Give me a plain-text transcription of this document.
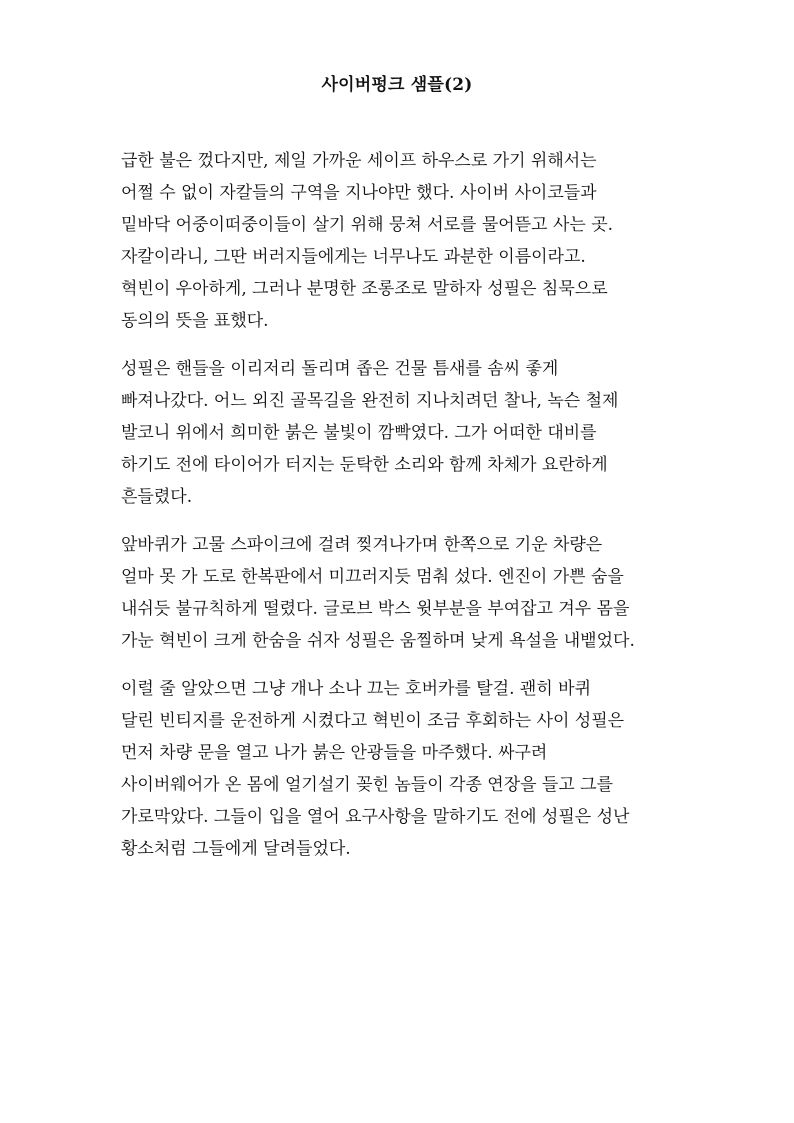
사이버펑크 샘플(2)

급한 불은 껐다지만, 제일 가까운 세이프 하우스로 가기 위해서는
어쩔 수 없이 자칼들의 구역을 지나야만 했다. 사이버 사이코들과
밑바닥 어중이떠중이들이 살기 위해 뭉쳐 서로를 물어뜯고 사는 곳.
자칼이라니, 그딴 버러지들에게는 너무나도 과분한 이름이라고.
혁빈이 우아하게, 그러나 분명한 조롱조로 말하자 성필은 침묵으로
동의의 뜻을 표했다.

성필은 핸들을 이리저리 돌리며 좁은 건물 틈새를 솜씨 좋게
빠져나갔다. 어느 외진 골목길을 완전히 지나치려던 찰나, 녹슨 철제
발코니 위에서 희미한 붉은 불빛이 깜빡였다. 그가 어떠한 대비를
하기도 전에 타이어가 터지는 둔탁한 소리와 함께 차체가 요란하게
흔들렸다.

앞바퀴가 고물 스파이크에 걸려 찢겨나가며 한쪽으로 기운 차량은
얼마 못 가 도로 한복판에서 미끄러지듯 멈춰 섰다. 엔진이 가쁜 숨을
내쉬듯 불규칙하게 떨렸다. 글로브 박스 윗부분을 부여잡고 겨우 몸을
가눈 혁빈이 크게 한숨을 쉬자 성필은 움찔하며 낮게 욕설을 내뱉었다.

이럴 줄 알았으면 그냥 개나 소나 끄는 호버카를 탈걸. 괜히 바퀴
달린 빈티지를 운전하게 시켰다고 혁빈이 조금 후회하는 사이 성필은
먼저 차량 문을 열고 나가 붉은 안광들을 마주했다. 싸구려
사이버웨어가 온 몸에 얼기설기 꽂힌 놈들이 각종 연장을 들고 그를
가로막았다. 그들이 입을 열어 요구사항을 말하기도 전에 성필은 성난
황소처럼 그들에게 달려들었다.
